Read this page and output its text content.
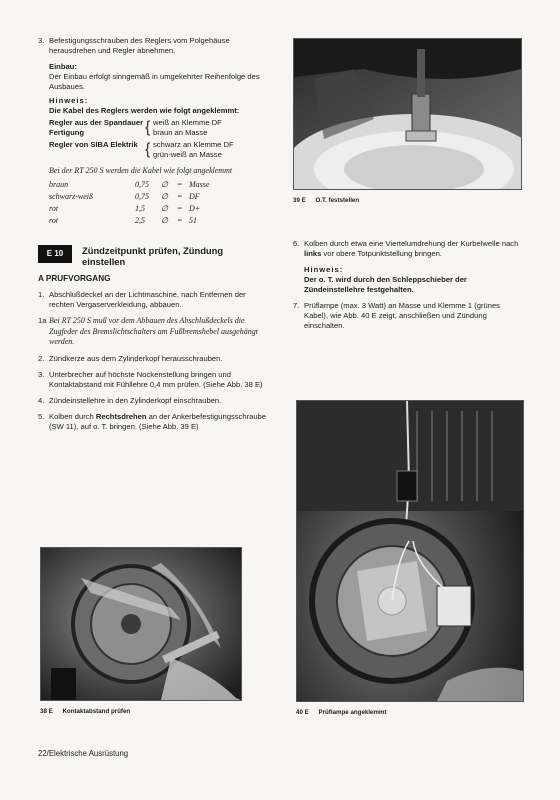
3. Befestigungsschrauben des Reglers vom Polgehäuse herausdrehen und Regler abnehmen.

Einbau:

Der Einbau erfolgt sinngemäß in umgekehrter Reihenfolge des Ausbaues.

Hinweis:

Die Kabel des Reglers werden wie folgt angeklemmt:

Regler aus der Spandauer Fertigung	{ weiß an Klemme DF
braun an Masse
Regler von SIBA Elektrik { schwarz an Klemme DF
grün-weiß an Masse

Bei der RT 250 S werden die Kabel wie folgt angeklemmt

braun	0,75	∅	= Masse
schwarz-weiß	0,75	∅	= DF
rot	1,5	∅	= D+
rot	2,5	∅	= 51
E 10	Zündzeitpunkt prüfen, Zündung einstellen

A PRUFVORGANG

1. Abschlußdeckel an der Lichtmaschine, nach Entfernen der rechten Vergaserverkleidung, abbauen.
1a Bei RT 250 S muß vor dem Abbauen des Abschlußdeckels die Zugfeder des Bremslichtschalters am Fußbremshebel ausgehängt werden.
2. Zündkerze aus dem Zylinderkopf herausschrauben.
3. Unterbrecher auf höchste Nockenstellung bringen und Kontaktabstand mit Fühllehre 0,4 mm prüfen. (Siehe Abb. 38 E)
4. Zündeinstellehre in den Zylinderkopf einschrauben.
5. Kolben durch Rechtsdrehen an der Ankerbefestigungsschraube (SW 11), auf o. T. bringen. (Siehe Abb. 39 E)
38 E Kontaktabstand prüfen
39 E O.T. feststellen
6. Kolben durch etwa eine Viertelumdrehung der Kurbelwelle nach links vor obere Totpunktstellung bringen.

Hinweis:

Der o. T. wird durch den Schleppschieber der Zündeinstellehre festgehalten.

7. Prüflampe (max. 3 Watt) an Masse und Klemme 1 (grünes Kabel), wie Abb. 40 E zeigt, anschließen und Zündung einschalten.
40 E Prüflampe angeklemmt
22/Elektrische Ausrüstung
